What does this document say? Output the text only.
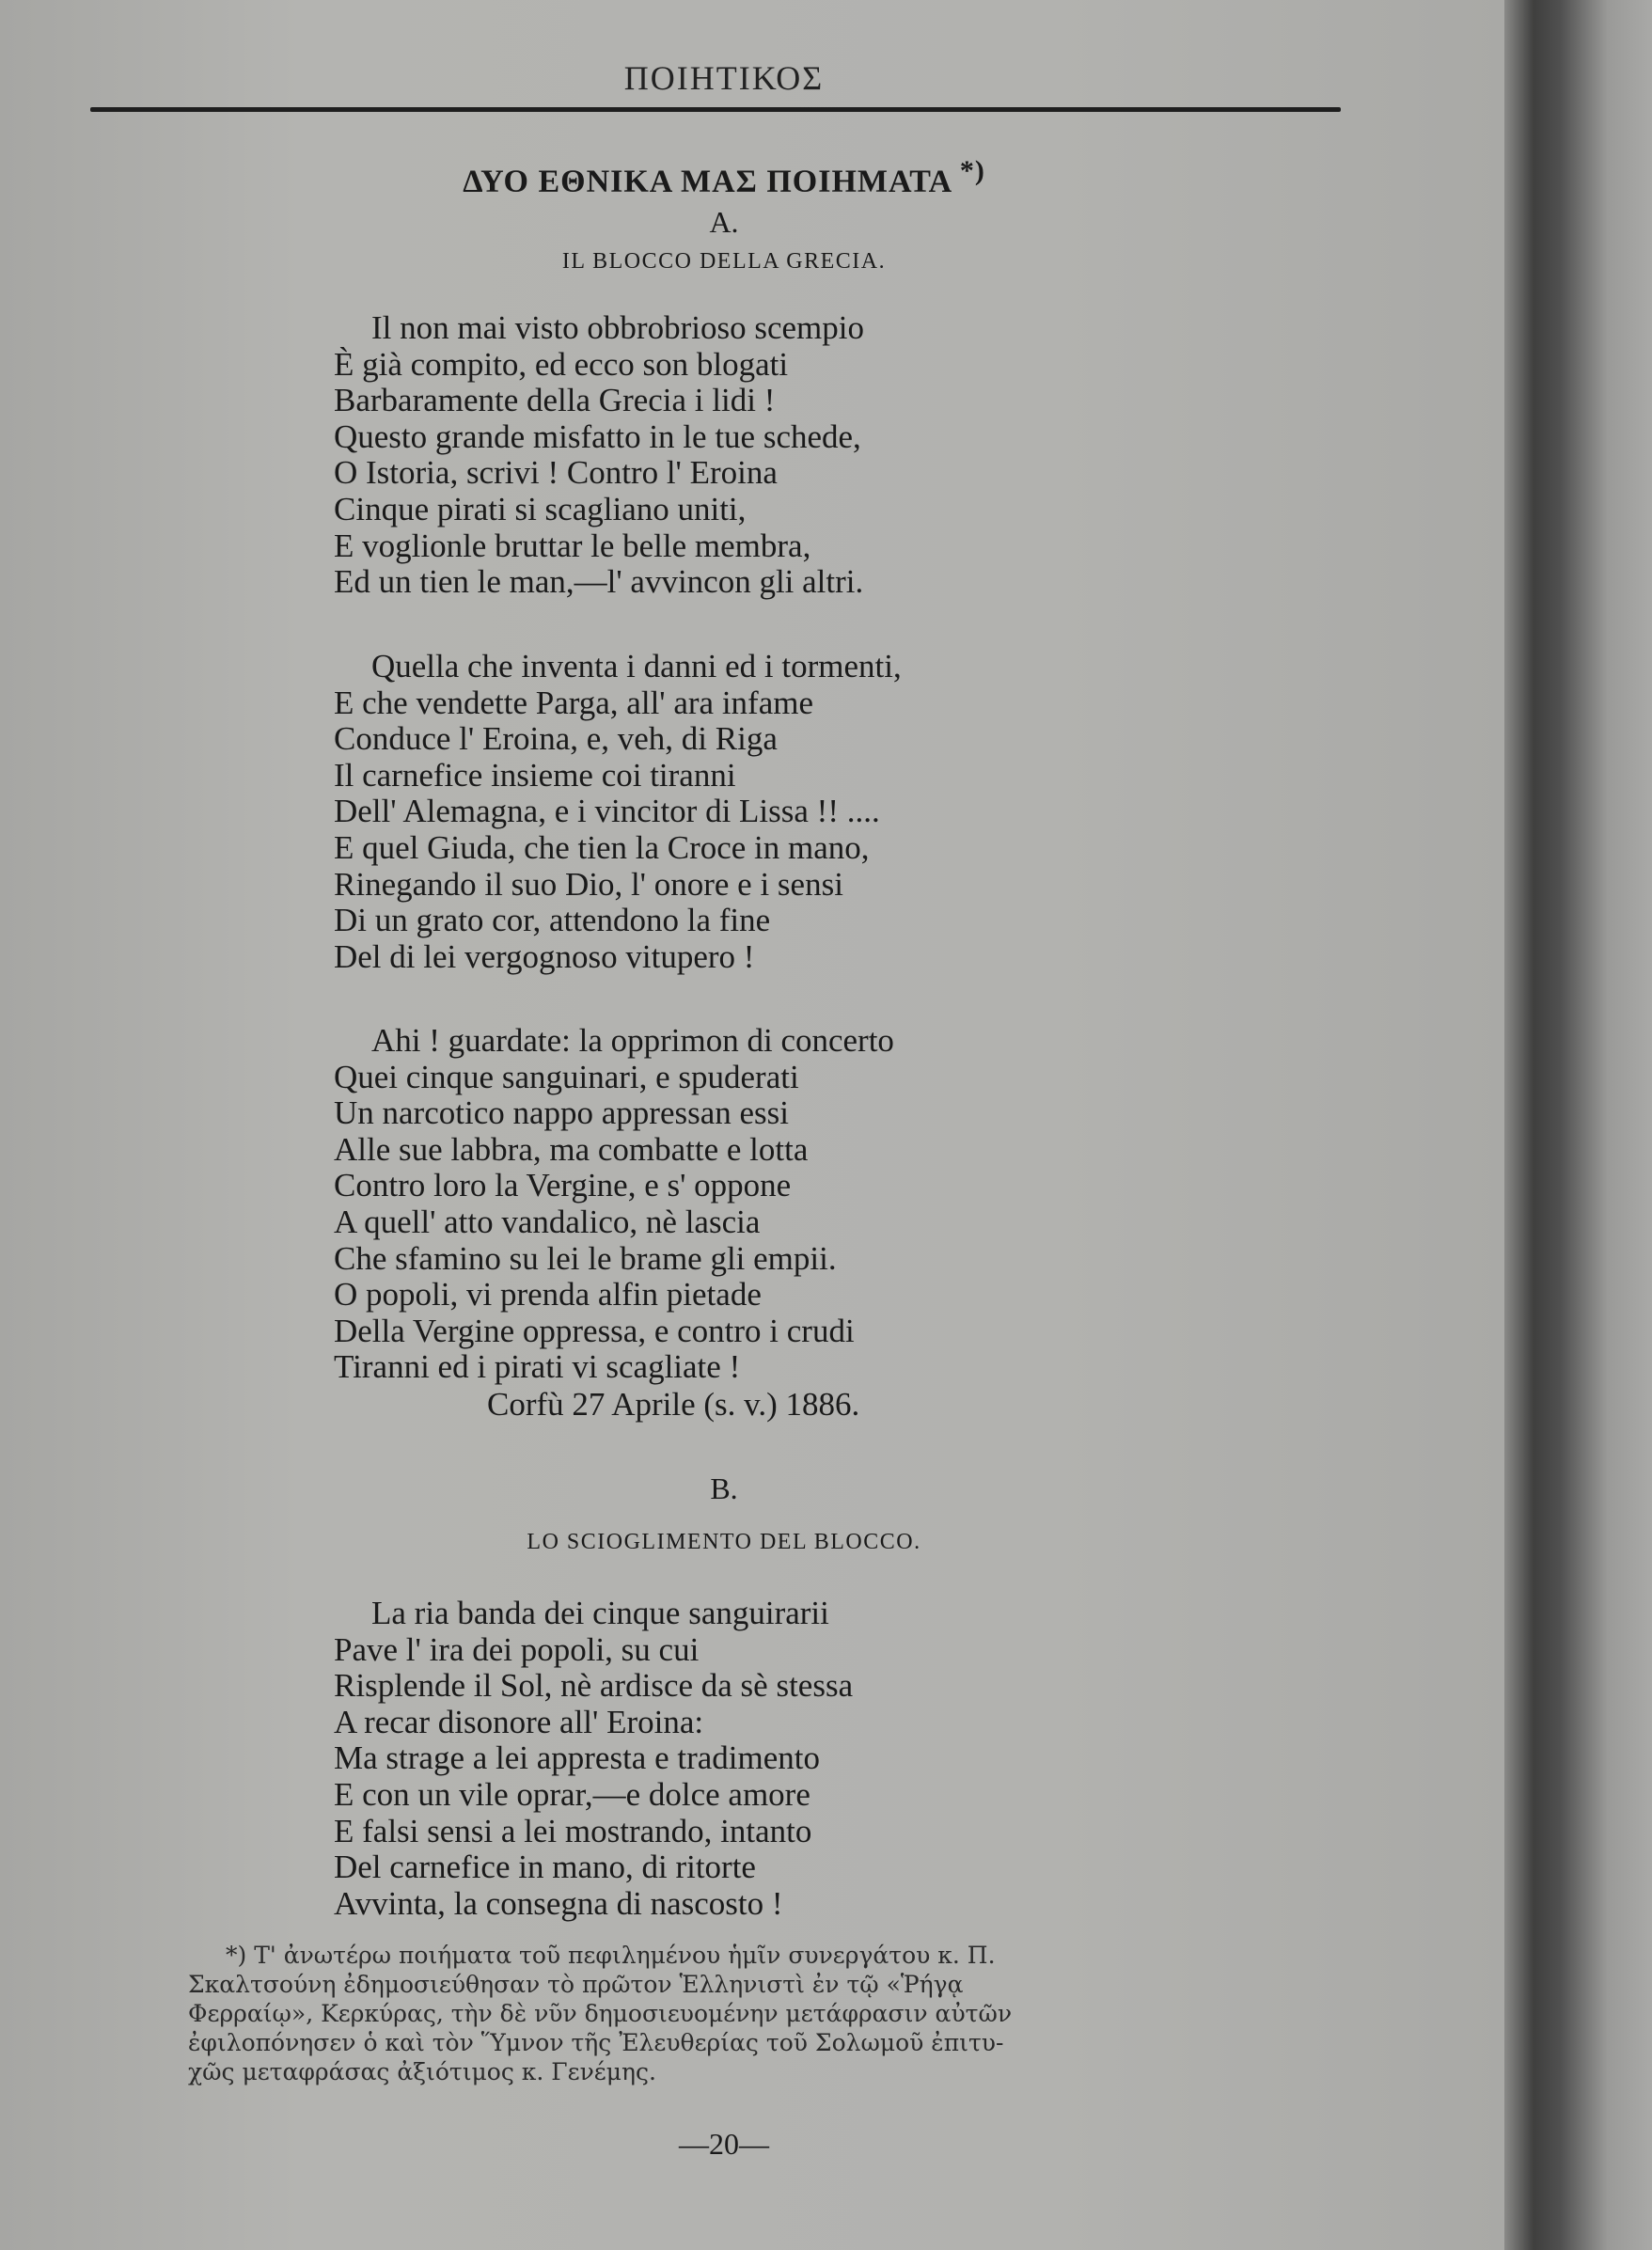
ΠΟΙΗΤΙΚΟΣ
ΔΥΟ ΕΘΝΙΚΑ ΜΑΣ ΠΟΙΗΜΑΤΑ *)
A.
IL BLOCCO DELLA GRECIA.
Il non mai visto obbrobrioso scempio
È già compito, ed ecco son blogati
Barbaramente della Grecia i lidi !
Questo grande misfatto in le tue schede,
O Istoria, scrivi ! Contro l' Eroina
Cinque pirati si scagliano uniti,
E voglionle bruttar le belle membra,
Ed un tien le man,—l' avvincon gli altri.
Quella che inventa i danni ed i tormenti,
E che vendette Parga, all' ara infame
Conduce l' Eroina, e, veh, di Riga
Il carnefice insieme coi tiranni
Dell' Alemagna, e i vincitor di Lissa !! ....
E quel Giuda, che tien la Croce in mano,
Rinegando il suo Dio, l' onore e i sensi
Di un grato cor, attendono la fine
Del di lei vergognoso vitupero !
Ahi ! guardate: la opprimon di concerto
Quei cinque sanguinari, e spuderati
Un narcotico nappo appressan essi
Alle sue labbra, ma combatte e lotta
Contro loro la Vergine, e s' oppone
A quell' atto vandalico, nè lascia
Che sfamino su lei le brame gli empii.
O popoli, vi prenda alfin pietade
Della Vergine oppressa, e contro i crudi
Tiranni ed i pirati vi scagliate !
Corfù 27 Aprile (s. v.) 1886.
B.
LO SCIOGLIMENTO DEL BLOCCO.
La ria banda dei cinque sanguirarii
Pave l' ira dei popoli, su cui
Risplende il Sol, nè ardisce da sè stessa
A recar disonore all' Eroina:
Ma strage a lei appresta e tradimento
E con un vile oprar,—e dolce amore
E falsi sensi a lei mostrando, intanto
Del carnefice in mano, di ritorte
Avvinta, la consegna di nascosto !
*) Τ' ἀνωτέρω ποιήματα τοῦ πεφιλημένου ἡμῖν συνεργάτου κ. Π.
Σκαλτσούνη ἐδημοσιεύθησαν τὸ πρῶτον Ἑλληνιστὶ ἐν τῷ «Ῥήγᾳ
Φερραίῳ», Κερκύρας, τὴν δὲ νῦν δημοσιευομένην μετάφρασιν αὐτῶν
ἐφιλοπόνησεν ὁ καὶ τὸν Ὕμνον τῆς Ἐλευθερίας τοῦ Σολωμοῦ ἐπιτυ-
χῶς μεταφράσας ἀξιότιμος κ. Γενέμης.
—20—
